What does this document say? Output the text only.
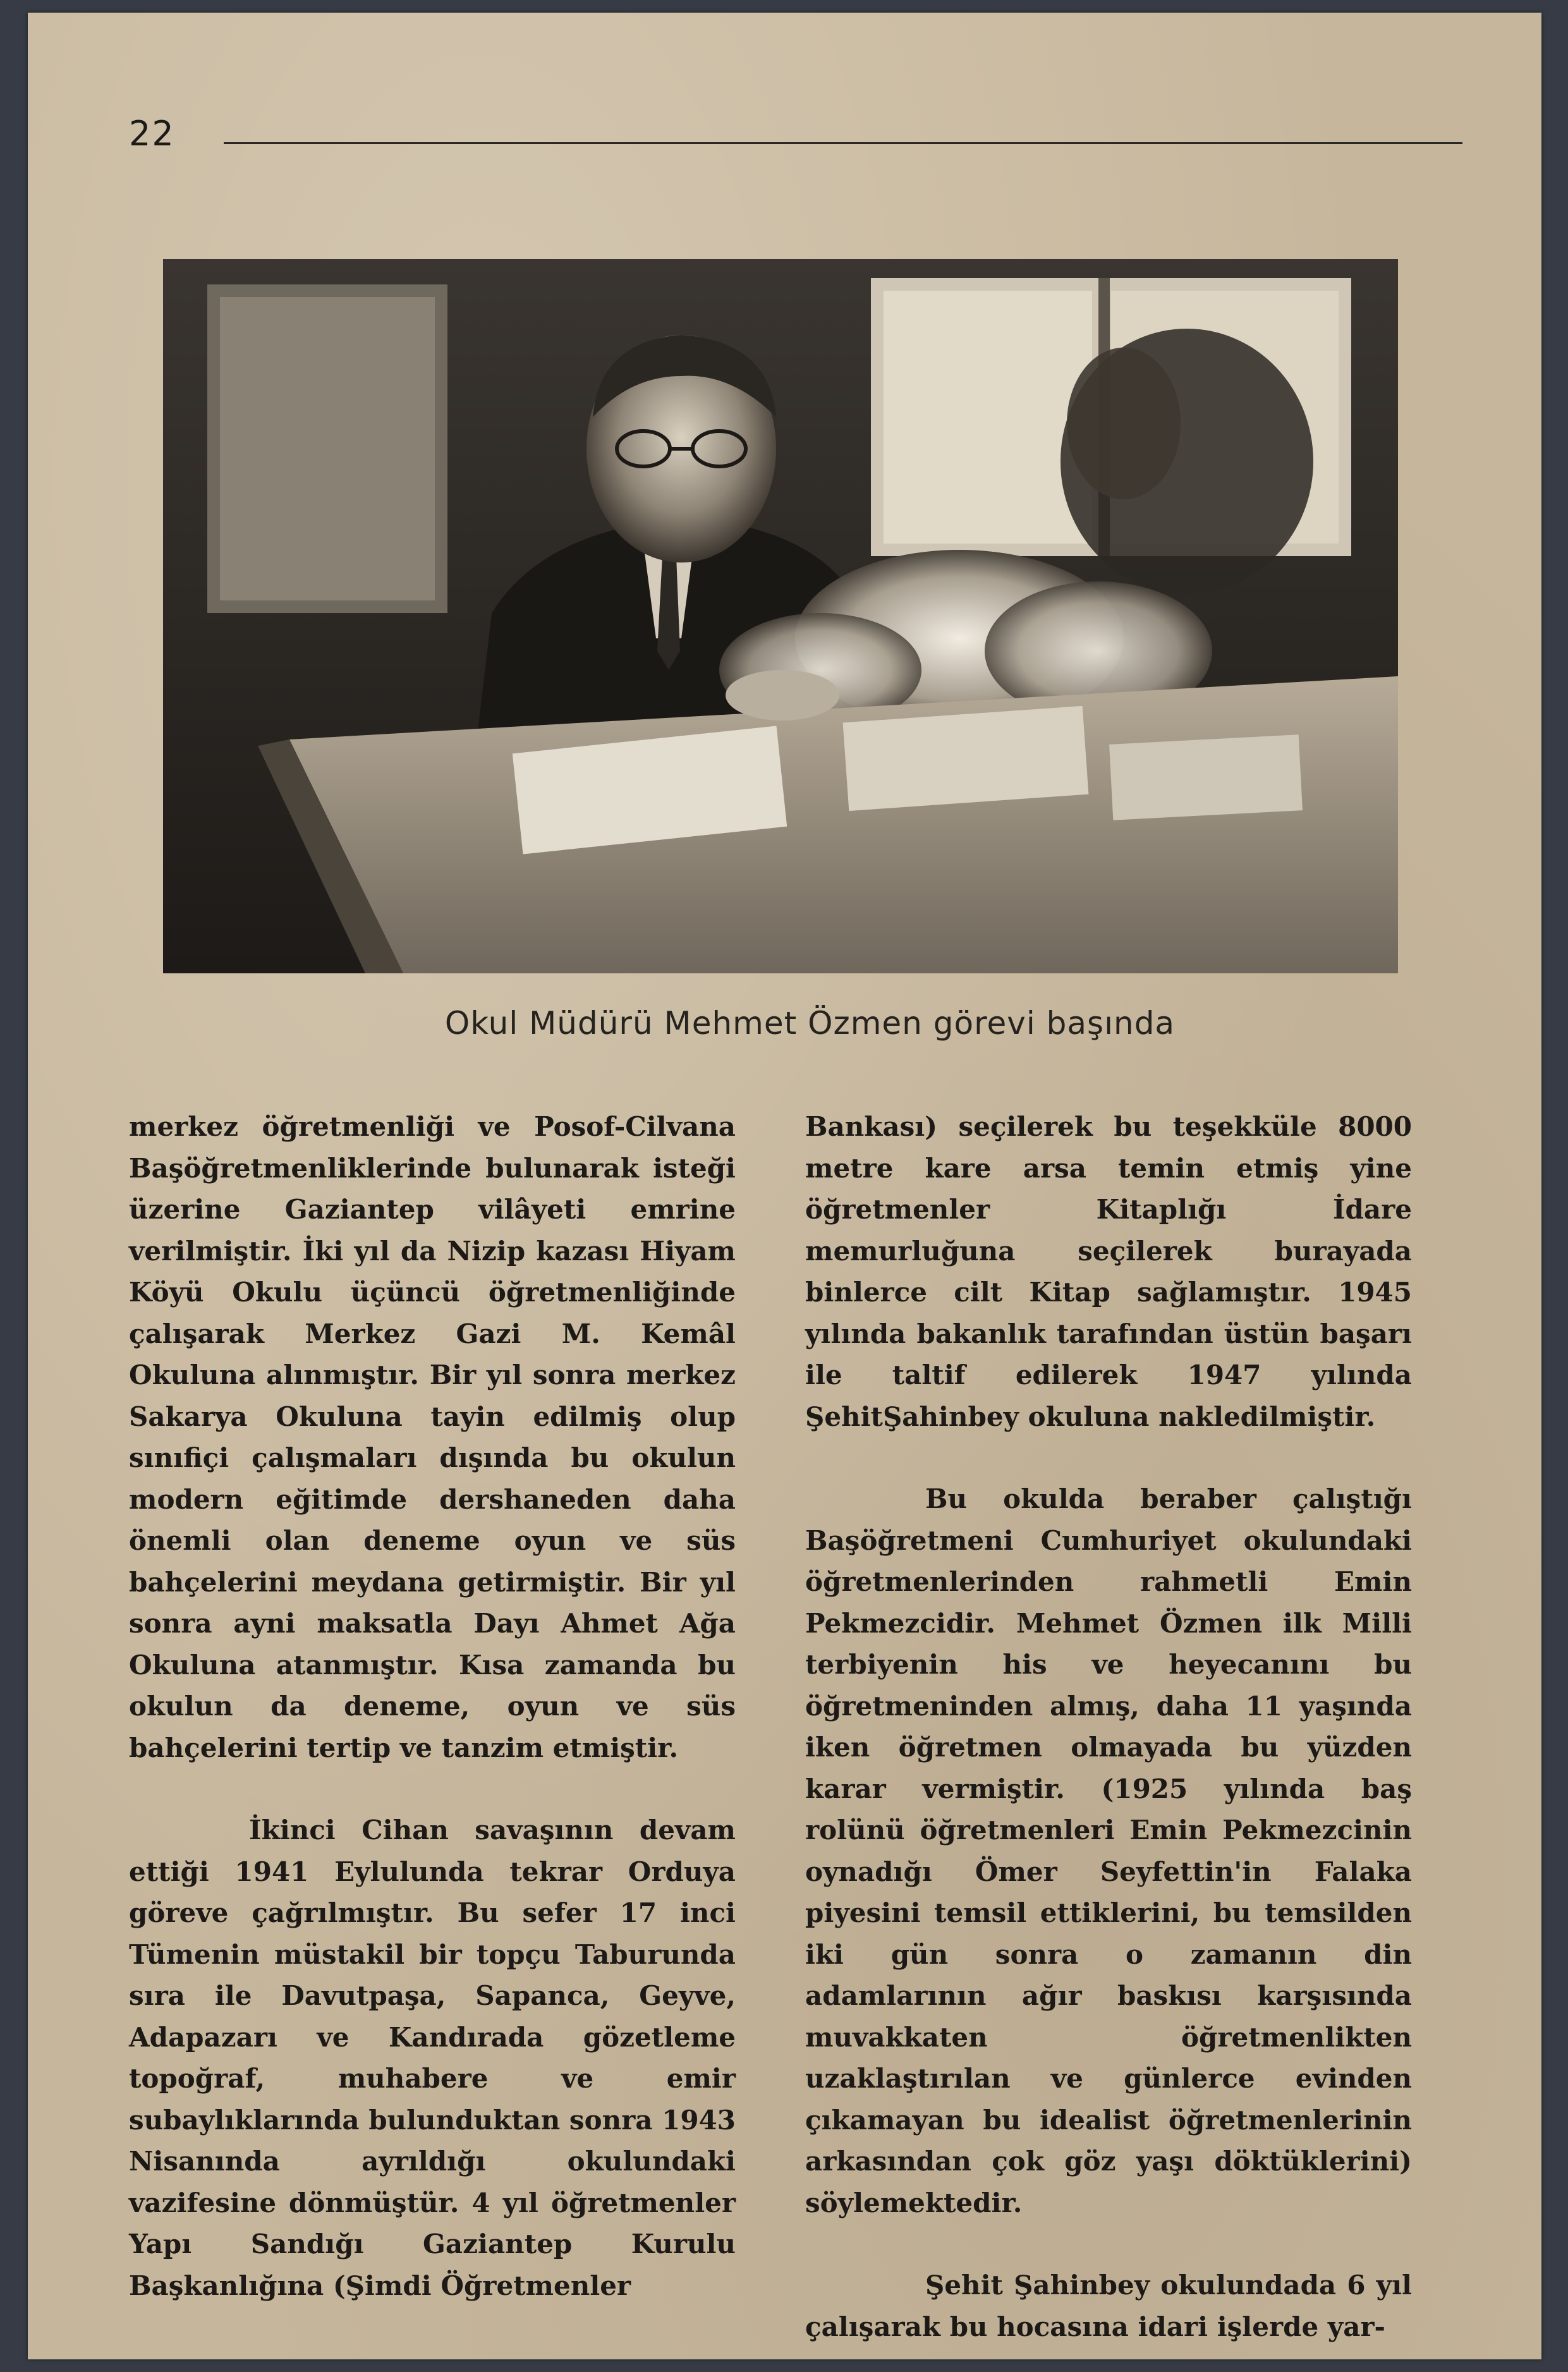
22
Okul Müdürü Mehmet Özmen görevi başında

merkez öğretmenliği ve Posof-Cilvana Başöğretmenliklerinde bulunarak isteği üzerine Gaziantep vilâyeti emrine verilmiştir. İki yıl da Nizip kazası Hiyam Köyü Okulu üçüncü öğretmenliğinde çalışarak Merkez Gazi M. Kemâl Okuluna alınmıştır. Bir yıl sonra merkez Sakarya Okuluna tayin edilmiş olup sınıfiçi çalışmaları dışında bu okulun modern eğitimde dershaneden daha önemli olan deneme oyun ve süs bahçelerini meydana getirmiştir. Bir yıl sonra ayni maksatla Dayı Ahmet Ağa Okuluna atanmıştır. Kısa zamanda bu okulun da deneme, oyun ve süs bahçelerini tertip ve tanzim etmiştir.

İkinci Cihan savaşının devam ettiği 1941 Eylulunda tekrar Orduya göreve çağrılmıştır. Bu sefer 17 inci Tümenin müstakil bir topçu Taburunda sıra ile Davutpaşa, Sapanca, Geyve, Adapazarı ve Kandırada gözetleme topoğraf, muhabere ve emir subaylıklarında bulunduktan sonra 1943 Nisanında ayrıldığı okulundaki vazifesine dönmüştür. 4 yıl öğretmenler Yapı Sandığı Gaziantep Kurulu Başkanlığına (Şimdi Öğretmenler

Bankası) seçilerek bu teşekküle 8000 metre kare arsa temin etmiş yine öğretmenler Kitaplığı İdare memurluğuna seçilerek burayada binlerce cilt Kitap sağlamıştır. 1945 yılında bakanlık tarafından üstün başarı ile taltif edilerek 1947 yılında ŞehitŞahinbey okuluna nakledilmiştir.

Bu okulda beraber çalıştığı Başöğretmeni Cumhuriyet okulundaki öğretmenlerinden rahmetli Emin Pekmezcidir. Mehmet Özmen ilk Milli terbiyenin his ve heyecanını bu öğretmeninden almış, daha 11 yaşında iken öğretmen olmayada bu yüzden karar vermiştir. (1925 yılında baş rolünü öğretmenleri Emin Pekmezcinin oynadığı Ömer Seyfettin'in Falaka piyesini temsil ettiklerini, bu temsilden iki gün sonra o zamanın din adamlarının ağır baskısı karşısında muvakkaten öğretmenlikten uzaklaştırılan ve günlerce evinden çıkamayan bu idealist öğretmenlerinin arkasından çok göz yaşı döktüklerini) söylemektedir.

Şehit Şahinbey okulundada 6 yıl çalışarak bu hocasına idari işlerde yar-
